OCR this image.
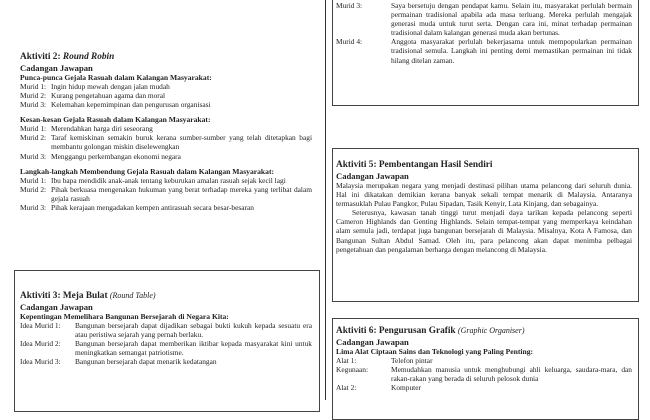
Aktiviti 2: Round Robin
Cadangan Jawapan
Punca-punca Gejala Rasuah dalam Kalangan Masyarakat:
Murid 1: Ingin hidup mewah dengan jalan mudah
Murid 2: Kurang pengetahuan agama dan moral
Murid 3: Kelemahan kepemimpinan dan pengurusan organisasi
Kesan-kesan Gejala Rasuah dalam Kalangan Masyarakat:
Murid 1: Merendahkan harga diri seseorang
Murid 2: Taraf kemiskinan semakin buruk kerana sumber-sumber yang telah ditetapkan bagi membantu golongan miskin diselewengkan
Murid 3: Menggangu perkembangan ekonomi negara
Langkah-langkah Membendung Gejala Rasuah dalam Kalangan Masyarakat:
Murid 1: Ibu bapa mendidik anak-anak tentang keburukan amalan rasuah sejak kecil lagi
Murid 2: Pihak berkuasa mengenakan hukuman yang berat terhadap mereka yang terlibat dalam gejala rasuah
Murid 3: Pihak kerajaan mengadakan kempen antirasuah secara besar-besaran
Aktiviti 3: Meja Bulat (Round Table)
Cadangan Jawapan
Kepentingan Memelihara Bangunan Bersejarah di Negara Kita:
Idea Murid 1:	Bangunan bersejarah dapat dijadikan sebagai bukti kukuh kepada sesuatu era atau peristiwa sejarah yang pernah berlaku.
Idea Murid 2:	Bangunan bersejarah dapat memberikan iktibar kepada masyarakat kini untuk meningkatkan semangat patriotisme.
Idea Murid 3:	Bangunan bersejarah dapat menarik kedatangan
Murid 3:	Saya bersetuju dengan pendapat kamu. Selain itu, masyarakat perlulah bermain permainan tradisional apabila ada masa terluang. Mereka perlulah mengajak generasi muda untuk turut serta. Dengan cara ini, minat terhadap permainan tradisional dalam kalangan generasi muda akan bertunas.
Murid 4:	Anggota masyarakat perlulah bekerjasama untuk mempopularkan permainan tradisional semula. Langkah ini penting demi memastikan permainan ini tidak hilang ditelan zaman.
Aktiviti 5: Pembentangan Hasil Sendiri
Cadangan Jawapan

Malaysia merupakan negara yang menjadi destinasi pilihan utama pelancong dari seluruh dunia. Hal ini dikatakan demikian kerana banyak sekali tempat menarik di Malaysia. Antaranya termasuklah Pulau Pangkor, Pulau Sipadan, Tasik Kenyir, Lata Kinjang, dan sebagainya.

Seterusnya, kawasan tanah tinggi turut menjadi daya tarikan kepada pelancong seperti Cameron Highlands dan Genting Highlands. Selain tempat-tempat yang memperkaya keindahan alam semula jadi, terdapat juga bangunan bersejarah di Malaysia. Misalnya, Kota A Famosa, dan Bangunan Sultan Abdul Samad. Oleh itu, para pelancong akan dapat menimba pelbagai pengetahuan dan pengalaman berharga dengan melancong di Malaysia.

Aktiviti 6: Pengurusan Grafik (Graphic Organiser)
Cadangan Jawapan
Lima Alat Ciptaan Sains dan Teknologi yang Paling Penting:
Alat 1:	Telefon pintar
Kegunaan:	Memudahkan manusia untuk menghubungi ahli keluarga, saudara-mara, dan rakan-rakan yang berada di seluruh pelosok dunia
Alat 2:	Komputer
